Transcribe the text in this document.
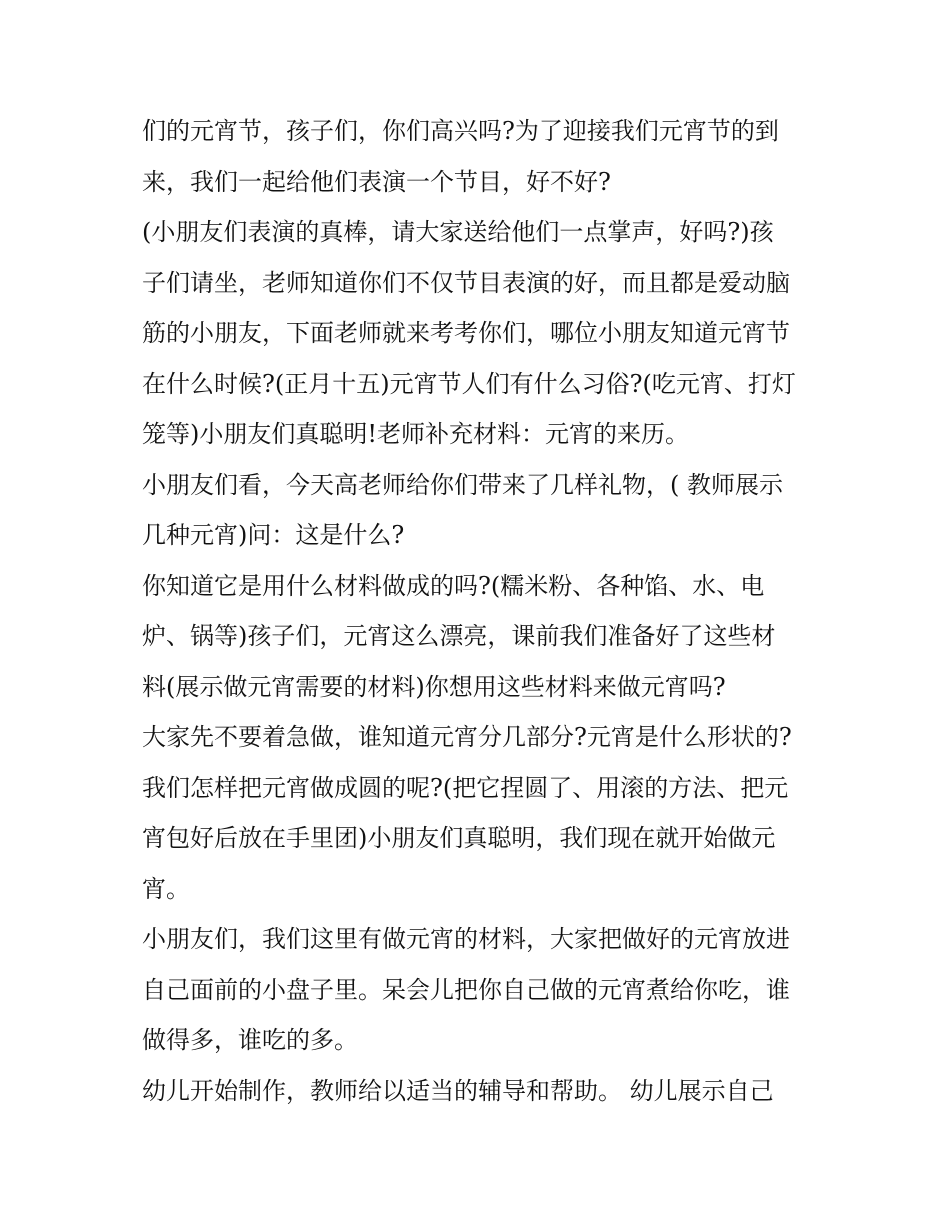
们的元宵节，孩子们，你们高兴吗?为了迎接我们元宵节的到
来，我们一起给他们表演一个节目，好不好?
(小朋友们表演的真棒，请大家送给他们一点掌声，好吗?)孩
子们请坐，老师知道你们不仅节目表演的好，而且都是爱动脑
筋的小朋友，下面老师就来考考你们，哪位小朋友知道元宵节
在什么时候?(正月十五)元宵节人们有什么习俗?(吃元宵、打灯
笼等)小朋友们真聪明!老师补充材料：元宵的来历。
小朋友们看，今天高老师给你们带来了几样礼物，( 教师展示
几种元宵)问：这是什么?
你知道它是用什么材料做成的吗?(糯米粉、各种馅、水、电
炉、锅等)孩子们，元宵这么漂亮，课前我们准备好了这些材
料(展示做元宵需要的材料)你想用这些材料来做元宵吗?
大家先不要着急做，谁知道元宵分几部分?元宵是什么形状的?
我们怎样把元宵做成圆的呢?(把它捏圆了、用滚的方法、把元
宵包好后放在手里团)小朋友们真聪明，我们现在就开始做元
宵。
小朋友们，我们这里有做元宵的材料，大家把做好的元宵放进
自己面前的小盘子里。呆会儿把你自己做的元宵煮给你吃，谁
做得多，谁吃的多。
幼儿开始制作，教师给以适当的辅导和帮助。 幼儿展示自己
